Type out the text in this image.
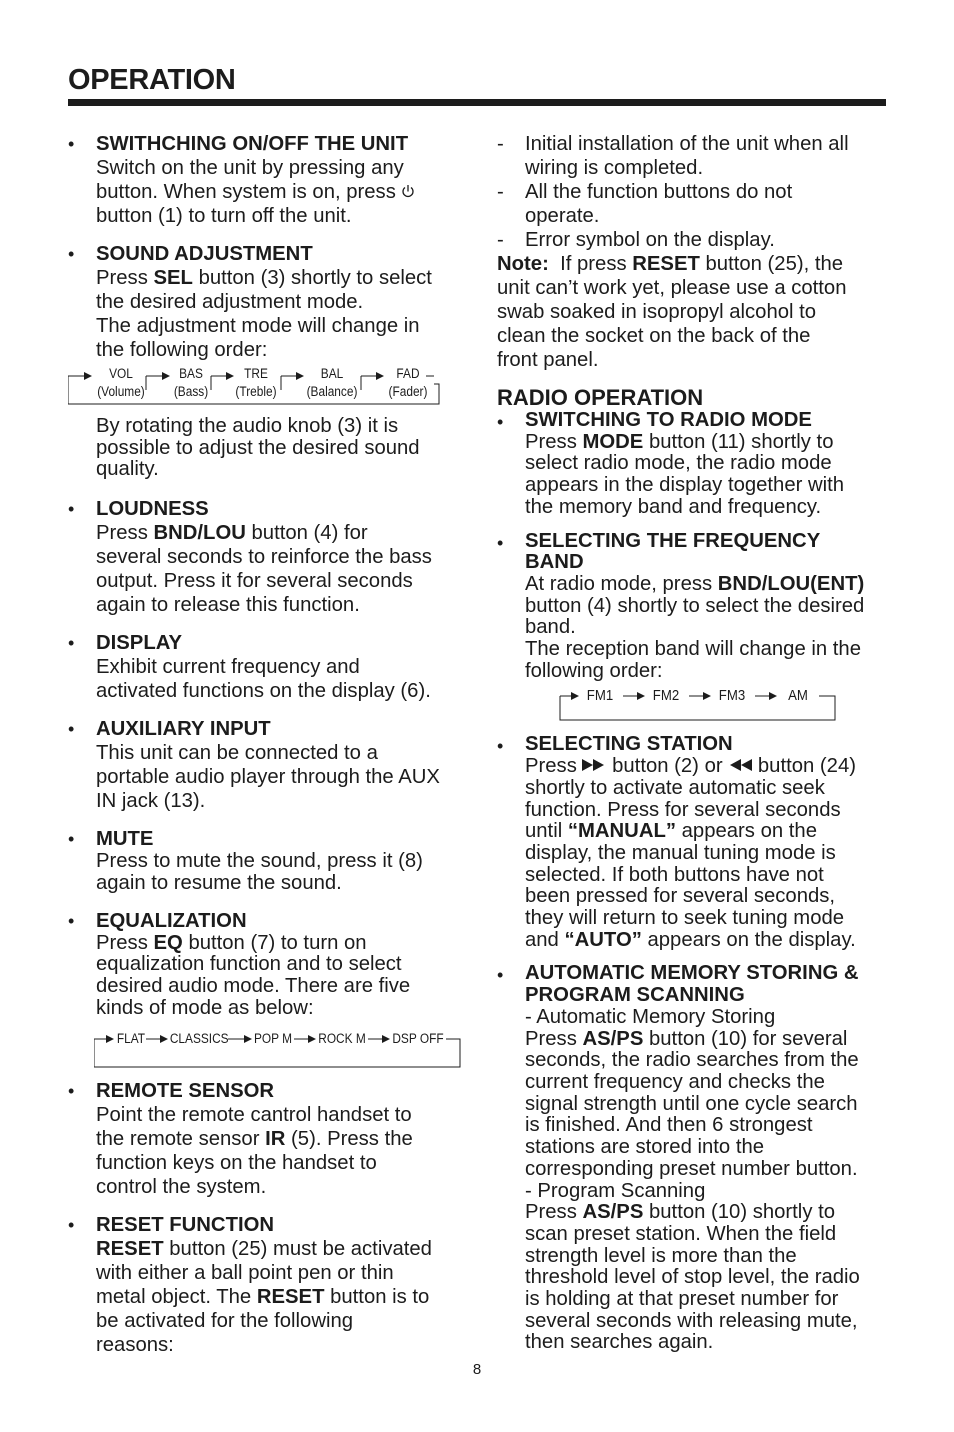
OPERATION
• SWITHCHING ON/OFF THE UNIT

Switch on the unit by pressing any

button. When system is on, press

button (1) to turn off the unit.

• SOUND ADJUSTMENT

Press SEL button (3) shortly to select

the desired adjustment mode.

The adjustment mode will change in

the following order:

VOL
(Volume)
BAS
(Bass)
TRE
(Treble)
BAL
(Balance)
FAD
(Fader)

By rotating the audio knob (3) it is

possible to adjust the desired sound

quality.

• LOUDNESS

Press BND/LOU button (4) for

several seconds to reinforce the bass

output. Press it for several seconds

again to release this function.

• DISPLAY

Exhibit current frequency and

activated functions on the display (6).

• AUXILIARY INPUT

This unit can be connected to a

portable audio player through the AUX

IN jack (13).

• MUTE

Press to mute the sound, press it (8)

again to resume the sound.

• EQUALIZATION

Press EQ button (7) to turn on

equalization function and to select

desired audio mode. There are five

kinds of mode as below:

FLAT CLASSICS POP M ROCK M DSP OFF
• REMOTE SENSOR

Point the remote cantrol handset to

the remote sensor IR (5). Press the

function keys on the handset to

control the system.

• RESET FUNCTION

RESET button (25) must be activated

with either a ball point pen or thin

metal object. The RESET button is to

be activated for the following

reasons:

- Initial installation of the unit when all
wiring is completed.
- All the function buttons do not
operate.
- Error symbol on the display.

Note: If press RESET button (25), the

unit can’t work yet, please use a cotton

swab soaked in isopropyl alcohol to

clean the socket on the back of the

front panel.

RADIO OPERATION

• SWITCHING TO RADIO MODE

Press MODE button (11) shortly to

select radio mode, the radio mode

appears in the display together with

the memory band and frequency.

• SELECTING THE FREQUENCY

BAND

At radio mode, press BND/LOU(ENT)

button (4) shortly to select the desired

band.

The reception band will change in the

following order:

FM1	FM2	FM3	AM
• SELECTING STATION

Press button (2) or button (24)

shortly to activate automatic seek

function. Press for several seconds

until “MANUAL” appears on the

display, the manual tuning mode is

selected. If both buttons have not

been pressed for several seconds,

they will return to seek tuning mode

and “AUTO” appears on the display.

• AUTOMATIC MEMORY STORING &

PROGRAM SCANNING

- Automatic Memory Storing

Press AS/PS button (10) for several

seconds, the radio searches from the

current frequency and checks the

signal strength until one cycle search

is finished. And then 6 strongest

stations are stored into the

corresponding preset number button.

- Program Scanning

Press AS/PS button (10) shortly to

scan preset station. When the field

strength level is more than the

threshold level of stop level, the radio

is holding at that preset number for

several seconds with releasing mute,

then searches again.

8
